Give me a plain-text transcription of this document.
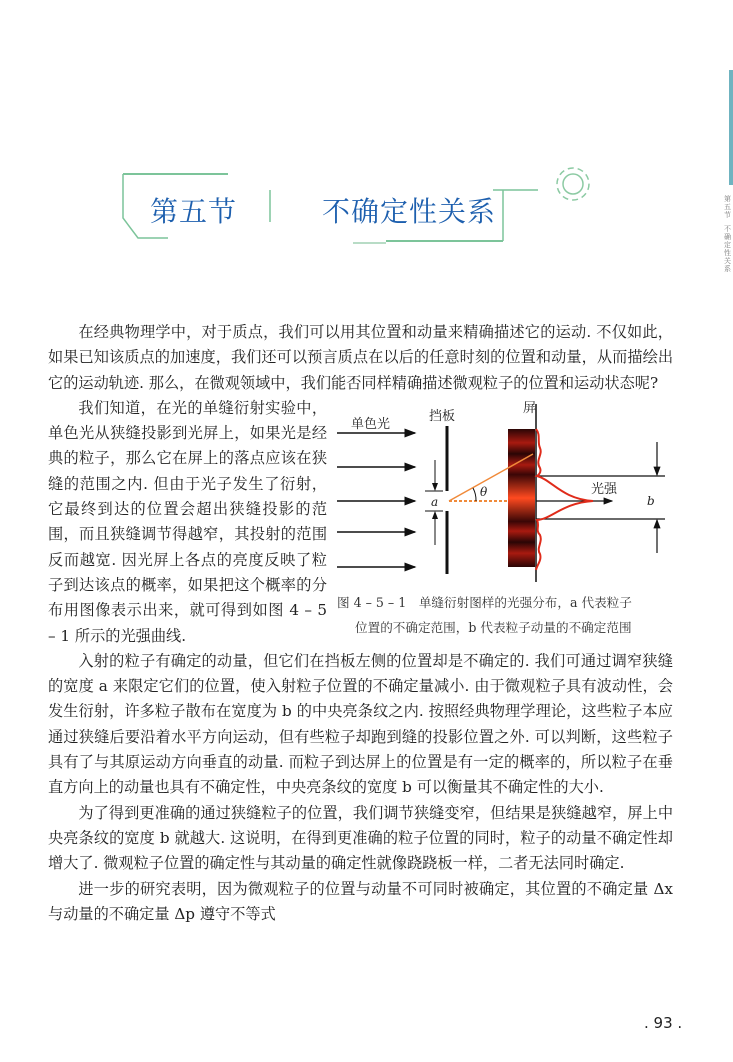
第五节
不确定性关系
第五节	不确定性关系

在经典物理学中，对于质点，我们可以用其位置和动量来精确描述它的运动. 不仅如此，如果已知该质点的加速度，我们还可以预言质点在以后的任意时刻的位置和动量，从而描绘出它的运动轨迹. 那么，在微观领域中，我们能否同样精确描述微观粒子的位置和运动状态呢?

单色光
挡板
屏
a
θ	光强
b
图 4 – 5 – 1　单缝衍射图样的光强分布，a 代表粒子
位置的不确定范围，b 代表粒子动量的不确定范围

我们知道，在光的单缝衍射实验中，单色光从狭缝投影到光屏上，如果光是经典的粒子，那么它在屏上的落点应该在狭缝的范围之内. 但由于光子发生了衍射，它最终到达的位置会超出狭缝投影的范围，而且狭缝调节得越窄，其投射的范围反而越宽. 因光屏上各点的亮度反映了粒子到达该点的概率，如果把这个概率的分布用图像表示出来，就可得到如图 4 – 5 – 1 所示的光强曲线.

入射的粒子有确定的动量，但它们在挡板左侧的位置却是不确定的. 我们可通过调窄狭缝的宽度 a 来限定它们的位置，使入射粒子位置的不确定量减小. 由于微观粒子具有波动性，会发生衍射，许多粒子散布在宽度为 b 的中央亮条纹之内. 按照经典物理学理论，这些粒子本应通过狭缝后要沿着水平方向运动，但有些粒子却跑到缝的投影位置之外. 可以判断，这些粒子具有了与其原运动方向垂直的动量. 而粒子到达屏上的位置是有一定的概率的，所以粒子在垂直方向上的动量也具有不确定性，中央亮条纹的宽度 b 可以衡量其不确定性的大小.

为了得到更准确的通过狭缝粒子的位置，我们调节狭缝变窄，但结果是狭缝越窄，屏上中央亮条纹的宽度 b 就越大. 这说明，在得到更准确的粒子位置的同时，粒子的动量不确定性却增大了. 微观粒子位置的确定性与其动量的确定性就像跷跷板一样，二者无法同时确定.

进一步的研究表明，因为微观粒子的位置与动量不可同时被确定，其位置的不确定量 Δx 与动量的不确定量 Δp 遵守不等式

. 93 .
